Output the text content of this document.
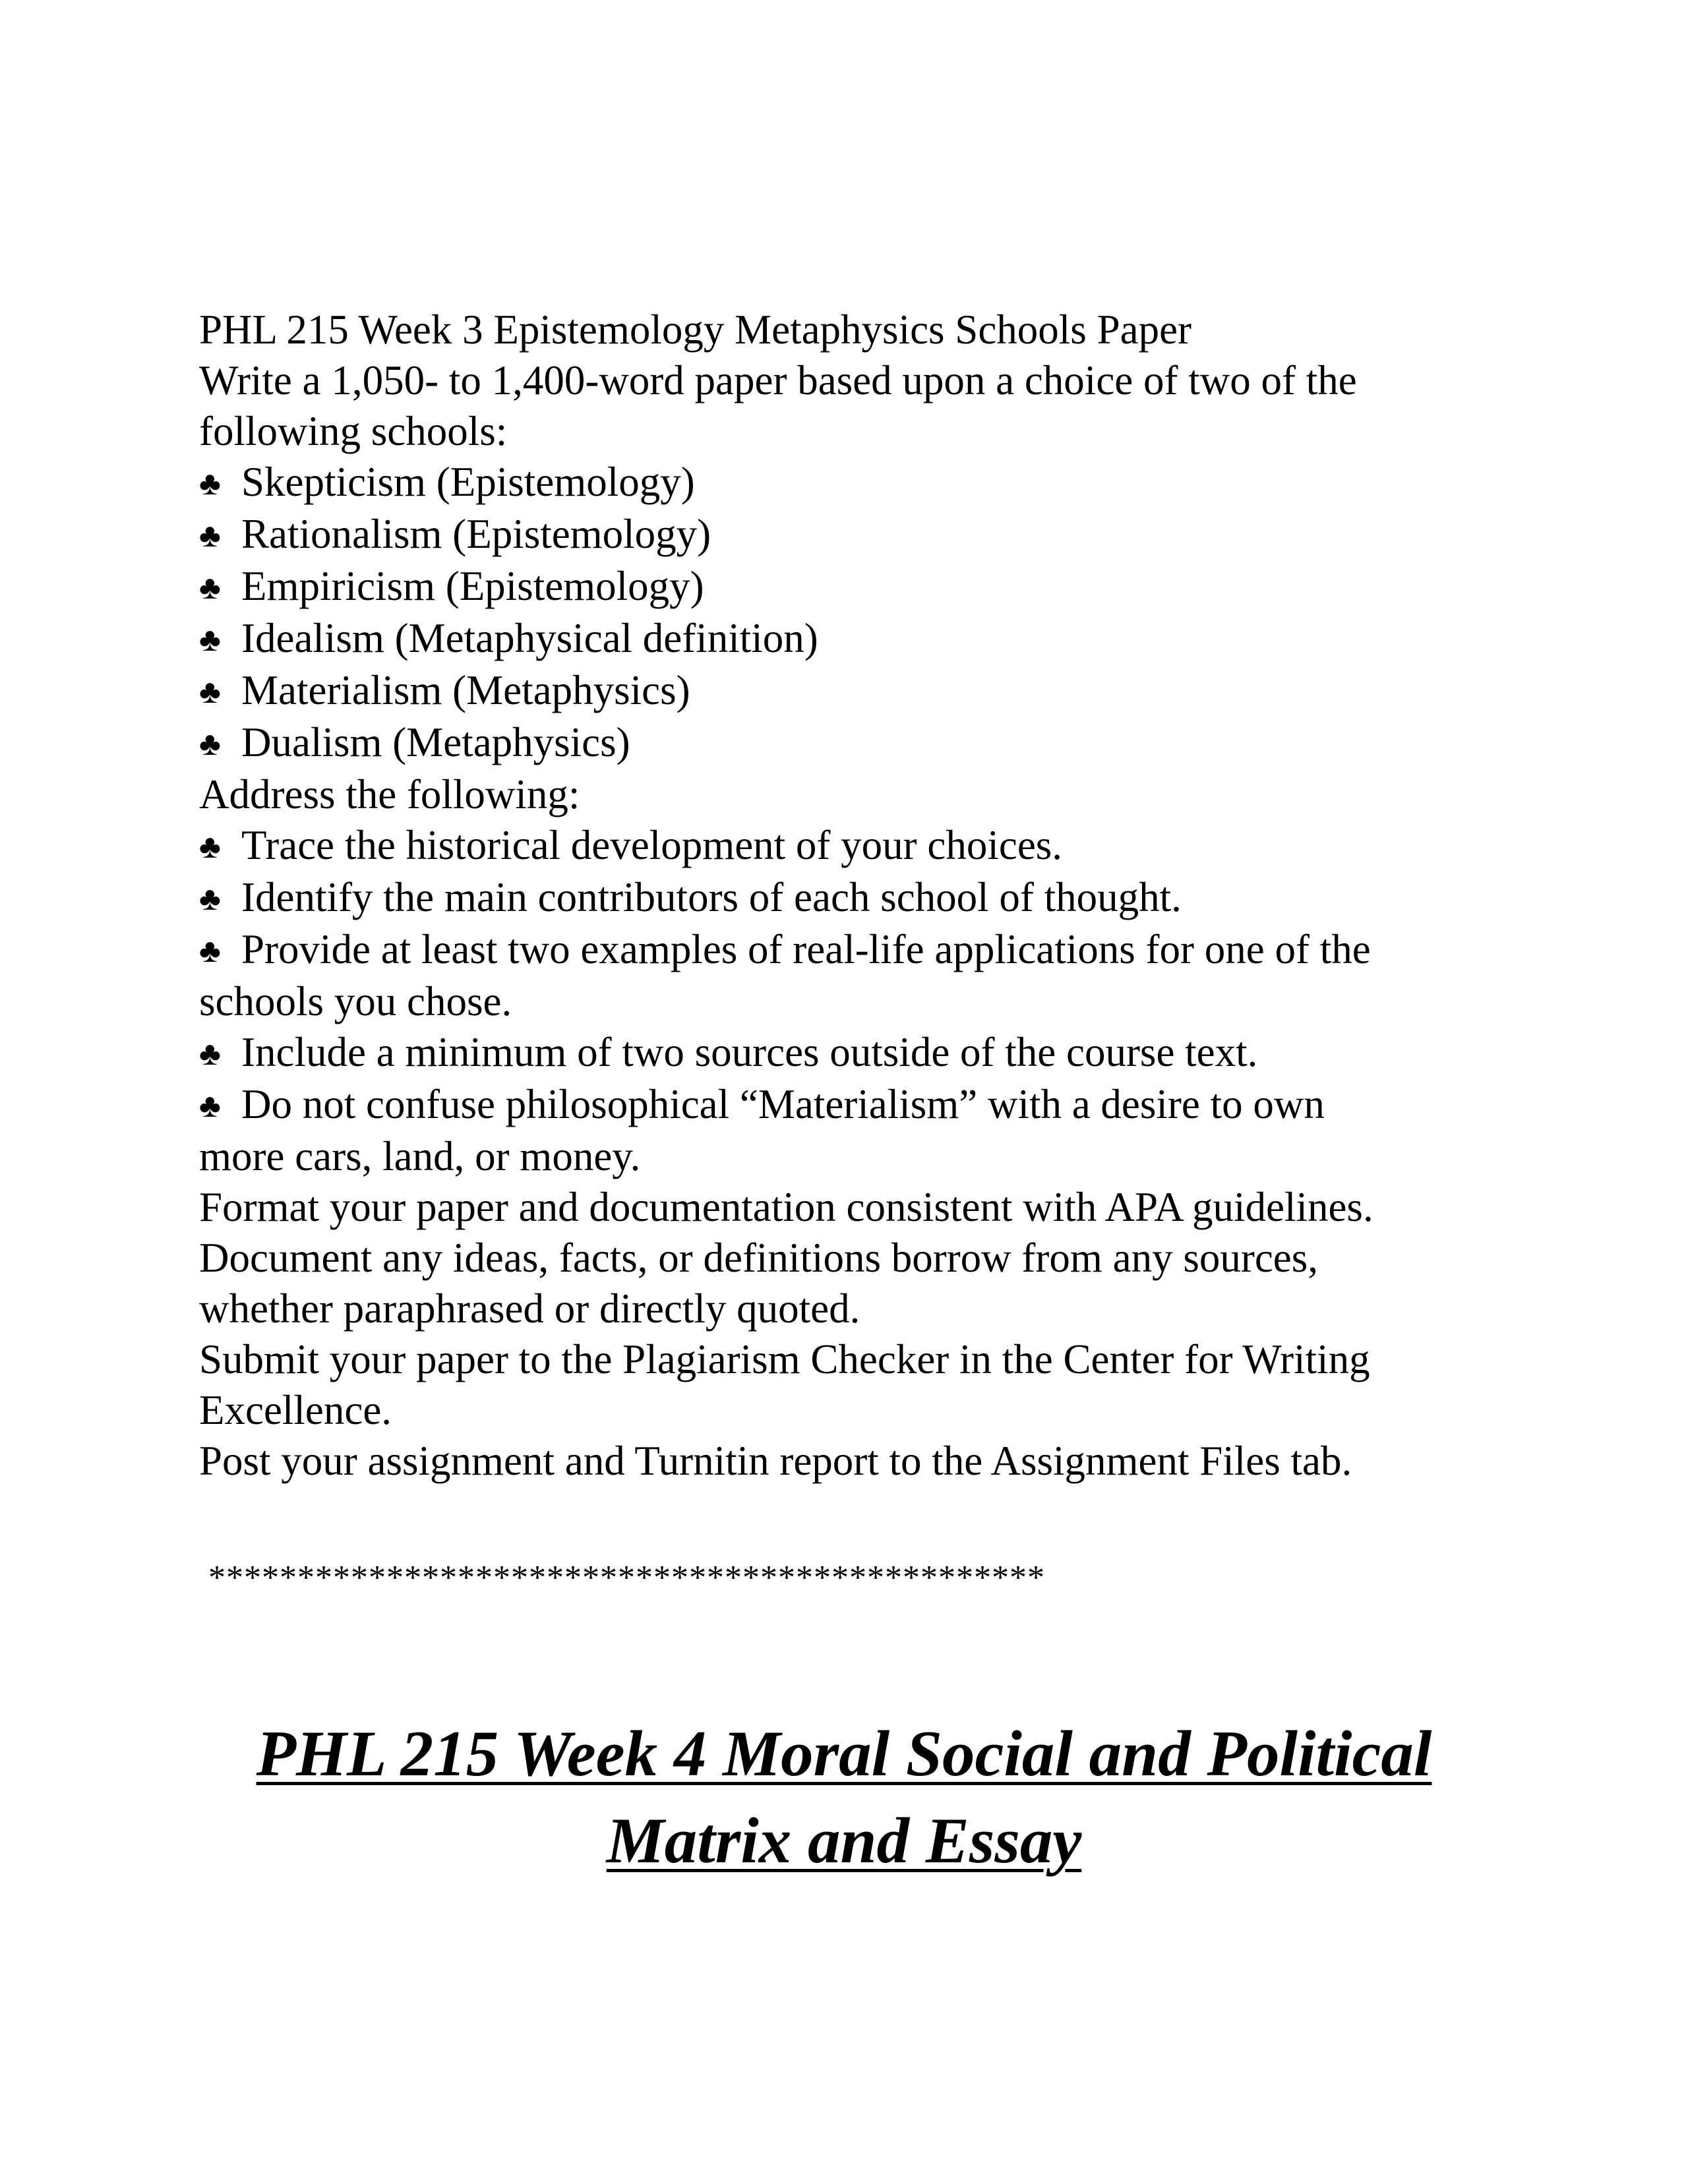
PHL 215 Week 3 Epistemology Metaphysics Schools Paper

Write a 1,050- to 1,400-word paper based upon a choice of two of the

following schools:

♣ Skepticism (Epistemology)

♣ Rationalism (Epistemology)

♣ Empiricism (Epistemology)

♣ Idealism (Metaphysical definition)

♣ Materialism (Metaphysics)

♣ Dualism (Metaphysics)

Address the following:

♣ Trace the historical development of your choices.

♣ Identify the main contributors of each school of thought.

♣ Provide at least two examples of real-life applications for one of the

schools you chose.

♣ Include a minimum of two sources outside of the course text.

♣ Do not confuse philosophical “Materialism” with a desire to own

more cars, land, or money.

Format your paper and documentation consistent with APA guidelines.

Document any ideas, facts, or definitions borrow from any sources,

whether paraphrased or directly quoted.

Submit your paper to the Plagiarism Checker in the Center for Writing

Excellence.

Post your assignment and Turnitin report to the Assignment Files tab.

***********************************************
PHL 215 Week 4 Moral Social and Political
Matrix and Essay
